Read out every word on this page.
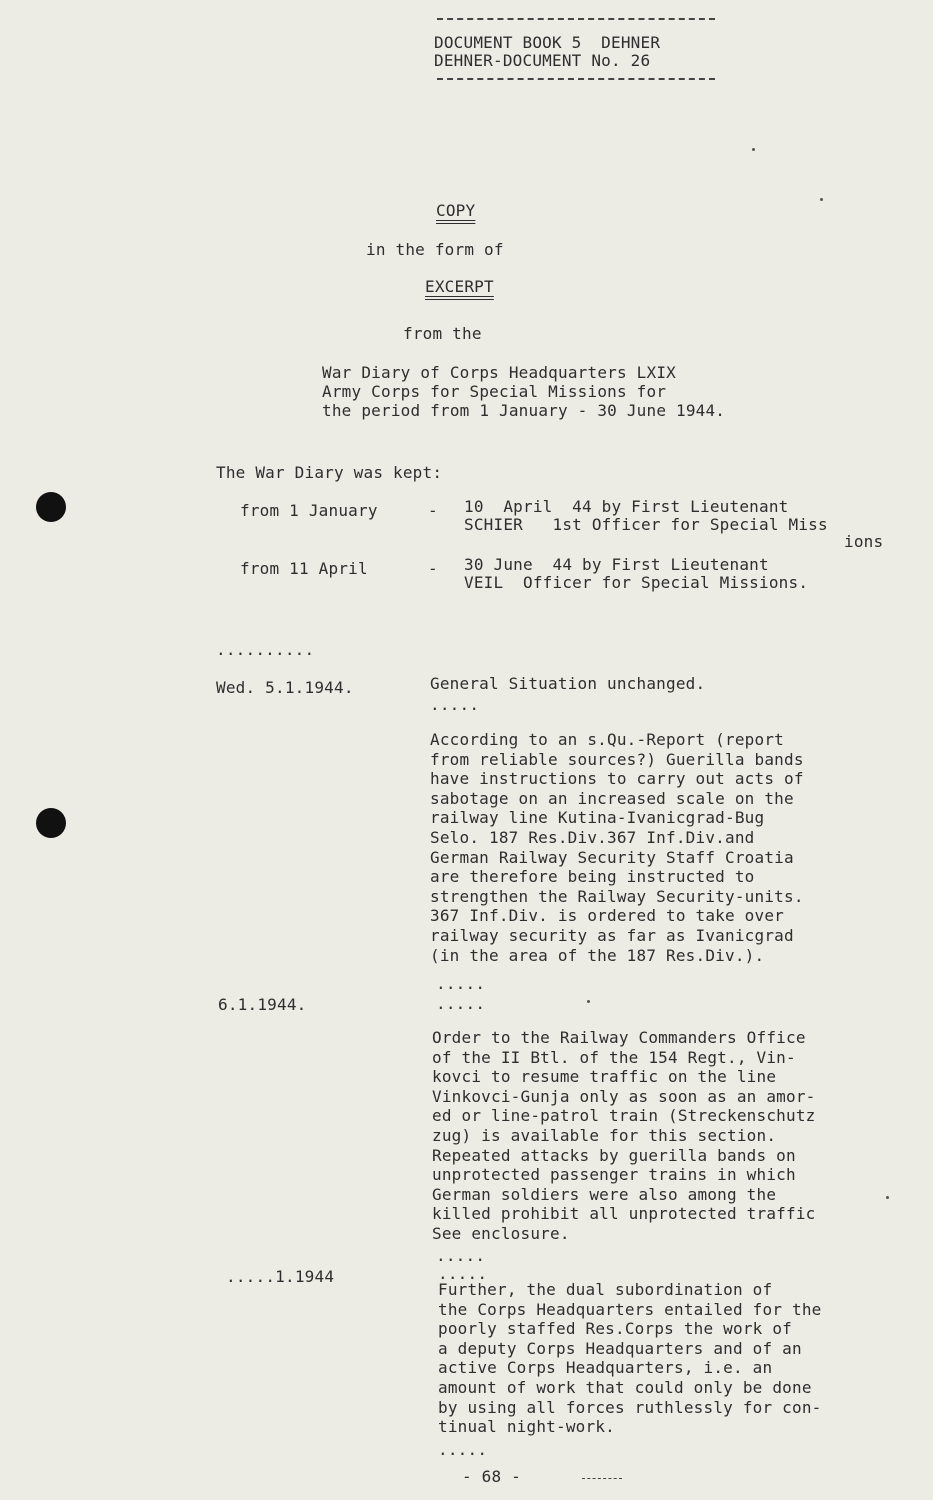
DOCUMENT BOOK 5  DEHNER
DEHNER-DOCUMENT No. 26
COPY
in the form of
EXCERPT
from the
War Diary of Corps Headquarters LXIX
Army Corps for Special Missions for
the period from 1 January - 30 June 1944.
The War Diary was kept:
from 1 January	- 10  April  44 by First Lieutenant
SCHIER   1st Officer for Special Miss
ions
from 11 April	- 30 June  44 by First Lieutenant
VEIL  Officer for Special Missions.
..........
Wed. 5.1.1944.	General Situation unchanged.
.....
According to an s.Qu.-Report (report
from reliable sources?) Guerilla bands
have instructions to carry out acts of
sabotage on an increased scale on the
railway line Kutina-Ivanicgrad-Bug
Selo. 187 Res.Div.367 Inf.Div.and
German Railway Security Staff Croatia
are therefore being instructed to
strengthen the Railway Security-units.
367 Inf.Div. is ordered to take over
railway security as far as Ivanicgrad
(in the area of the 187 Res.Div.).
.....
6.1.1944.	.....
Order to the Railway Commanders Office
of the II Btl. of the 154 Regt., Vin-
kovci to resume traffic on the line
Vinkovci-Gunja only as soon as an amor-
ed or line-patrol train (Streckenschutz
zug) is available for this section.
Repeated attacks by guerilla bands on
unprotected passenger trains in which
German soldiers were also among the
killed prohibit all unprotected traffic
See enclosure.
.....
.....1.1944	.....
Further, the dual subordination of
the Corps Headquarters entailed for the
poorly staffed Res.Corps the work of
a deputy Corps Headquarters and of an
active Corps Headquarters, i.e. an
amount of work that could only be done
by using all forces ruthlessly for con-
tinual night-work.
.....
- 68 -
